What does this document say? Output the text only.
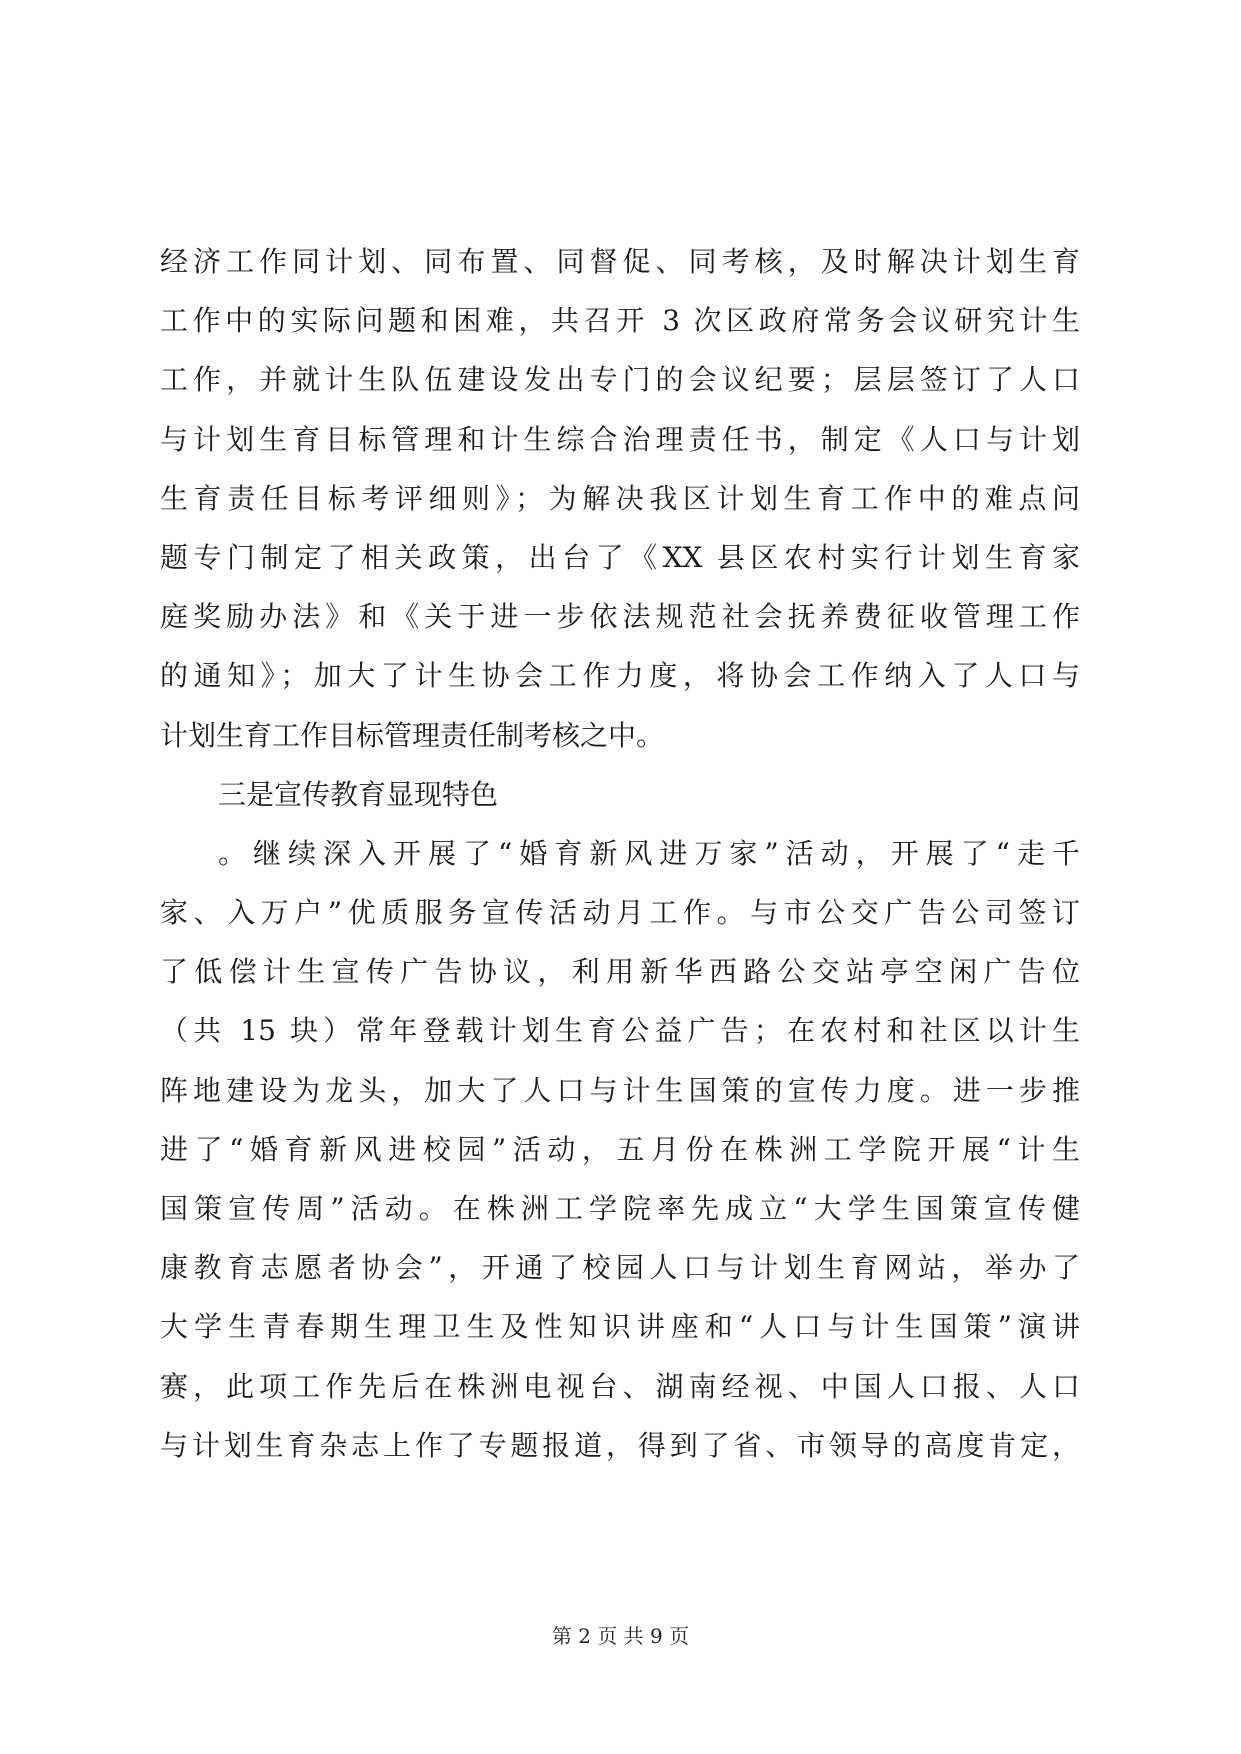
经济工作同计划、同布置、同督促、同考核，及时解决计划生育
工作中的实际问题和困难，共召开 3 次区政府常务会议研究计生
工作，并就计生队伍建设发出专门的会议纪要；层层签订了人口
与计划生育目标管理和计生综合治理责任书，制定《人口与计划
生育责任目标考评细则》；为解决我区计划生育工作中的难点问
题专门制定了相关政策，出台了《XX 县区农村实行计划生育家
庭奖励办法》和《关于进一步依法规范社会抚养费征收管理工作
的通知》；加大了计生协会工作力度，将协会工作纳入了人口与
计划生育工作目标管理责任制考核之中。
三是宣传教育显现特色
。继续深入开展了“婚育新风进万家”活动，开展了“走千
家、入万户”优质服务宣传活动月工作。与市公交广告公司签订
了低偿计生宣传广告协议，利用新华西路公交站亭空闲广告位
（共 15 块）常年登载计划生育公益广告；在农村和社区以计生
阵地建设为龙头，加大了人口与计生国策的宣传力度。进一步推
进了“婚育新风进校园”活动，五月份在株洲工学院开展“计生
国策宣传周”活动。在株洲工学院率先成立“大学生国策宣传健
康教育志愿者协会”，开通了校园人口与计划生育网站，举办了
大学生青春期生理卫生及性知识讲座和“人口与计生国策”演讲
赛，此项工作先后在株洲电视台、湖南经视、中国人口报、人口
与计划生育杂志上作了专题报道，得到了省、市领导的高度肯定，
第 2 页 共 9 页
